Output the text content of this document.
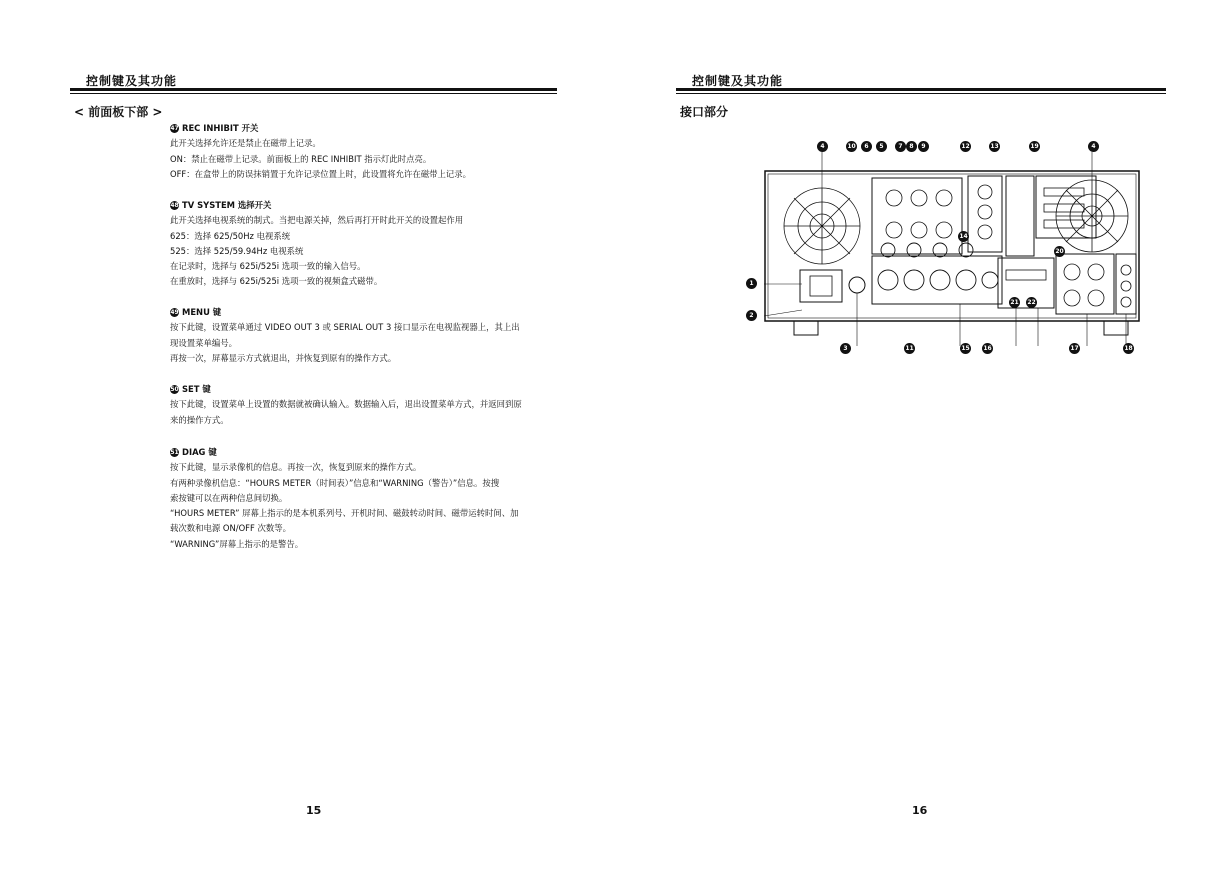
控制键及其功能
< 前面板下部 >
47 REC INHIBIT 开关
此开关选择允许还是禁止在磁带上记录。
ON：禁止在磁带上记录。前面板上的 REC INHIBIT 指示灯此时点亮。
OFF：在盒带上的防误抹销置于允许记录位置上时，此设置将允许在磁带上记录。
48 TV SYSTEM 选择开关
此开关选择电视系统的制式。当把电源关掉，然后再打开时此开关的设置起作用
625：选择 625/50Hz 电视系统
525：选择 525/59.94Hz 电视系统
在记录时，选择与 625i/525i 选项一致的输入信号。
在重放时，选择与 625i/525i 选项一致的视频盒式磁带。
49 MENU 键
按下此键，设置菜单通过 VIDEO OUT 3 或 SERIAL OUT 3 接口显示在电视监视器上，其上出
现设置菜单编号。
再按一次，屏幕显示方式就退出，并恢复到原有的操作方式。
50 SET 键
按下此键，设置菜单上设置的数据就被确认输入。数据输入后，退出设置菜单方式，并返回到原
来的操作方式。
51 DIAG 键
按下此键，显示录像机的信息。再按一次，恢复到原来的操作方式。
有两种录像机信息：“HOURS METER（时间表）”信息和“WARNING（警告）”信息。按搜
索按键可以在两种信息间切换。
“HOURS METER” 屏幕上指示的是本机系列号、开机时间、磁鼓转动时间、磁带运转时间、加
载次数和电源 ON/OFF 次数等。
“WARNING”屏幕上指示的是警告。
15
控制键及其功能
接口部分
4	10	6	5	7	8	9	12	13	19	4
1
2
3	11	15 16	17	18
14
20
21 22
16
